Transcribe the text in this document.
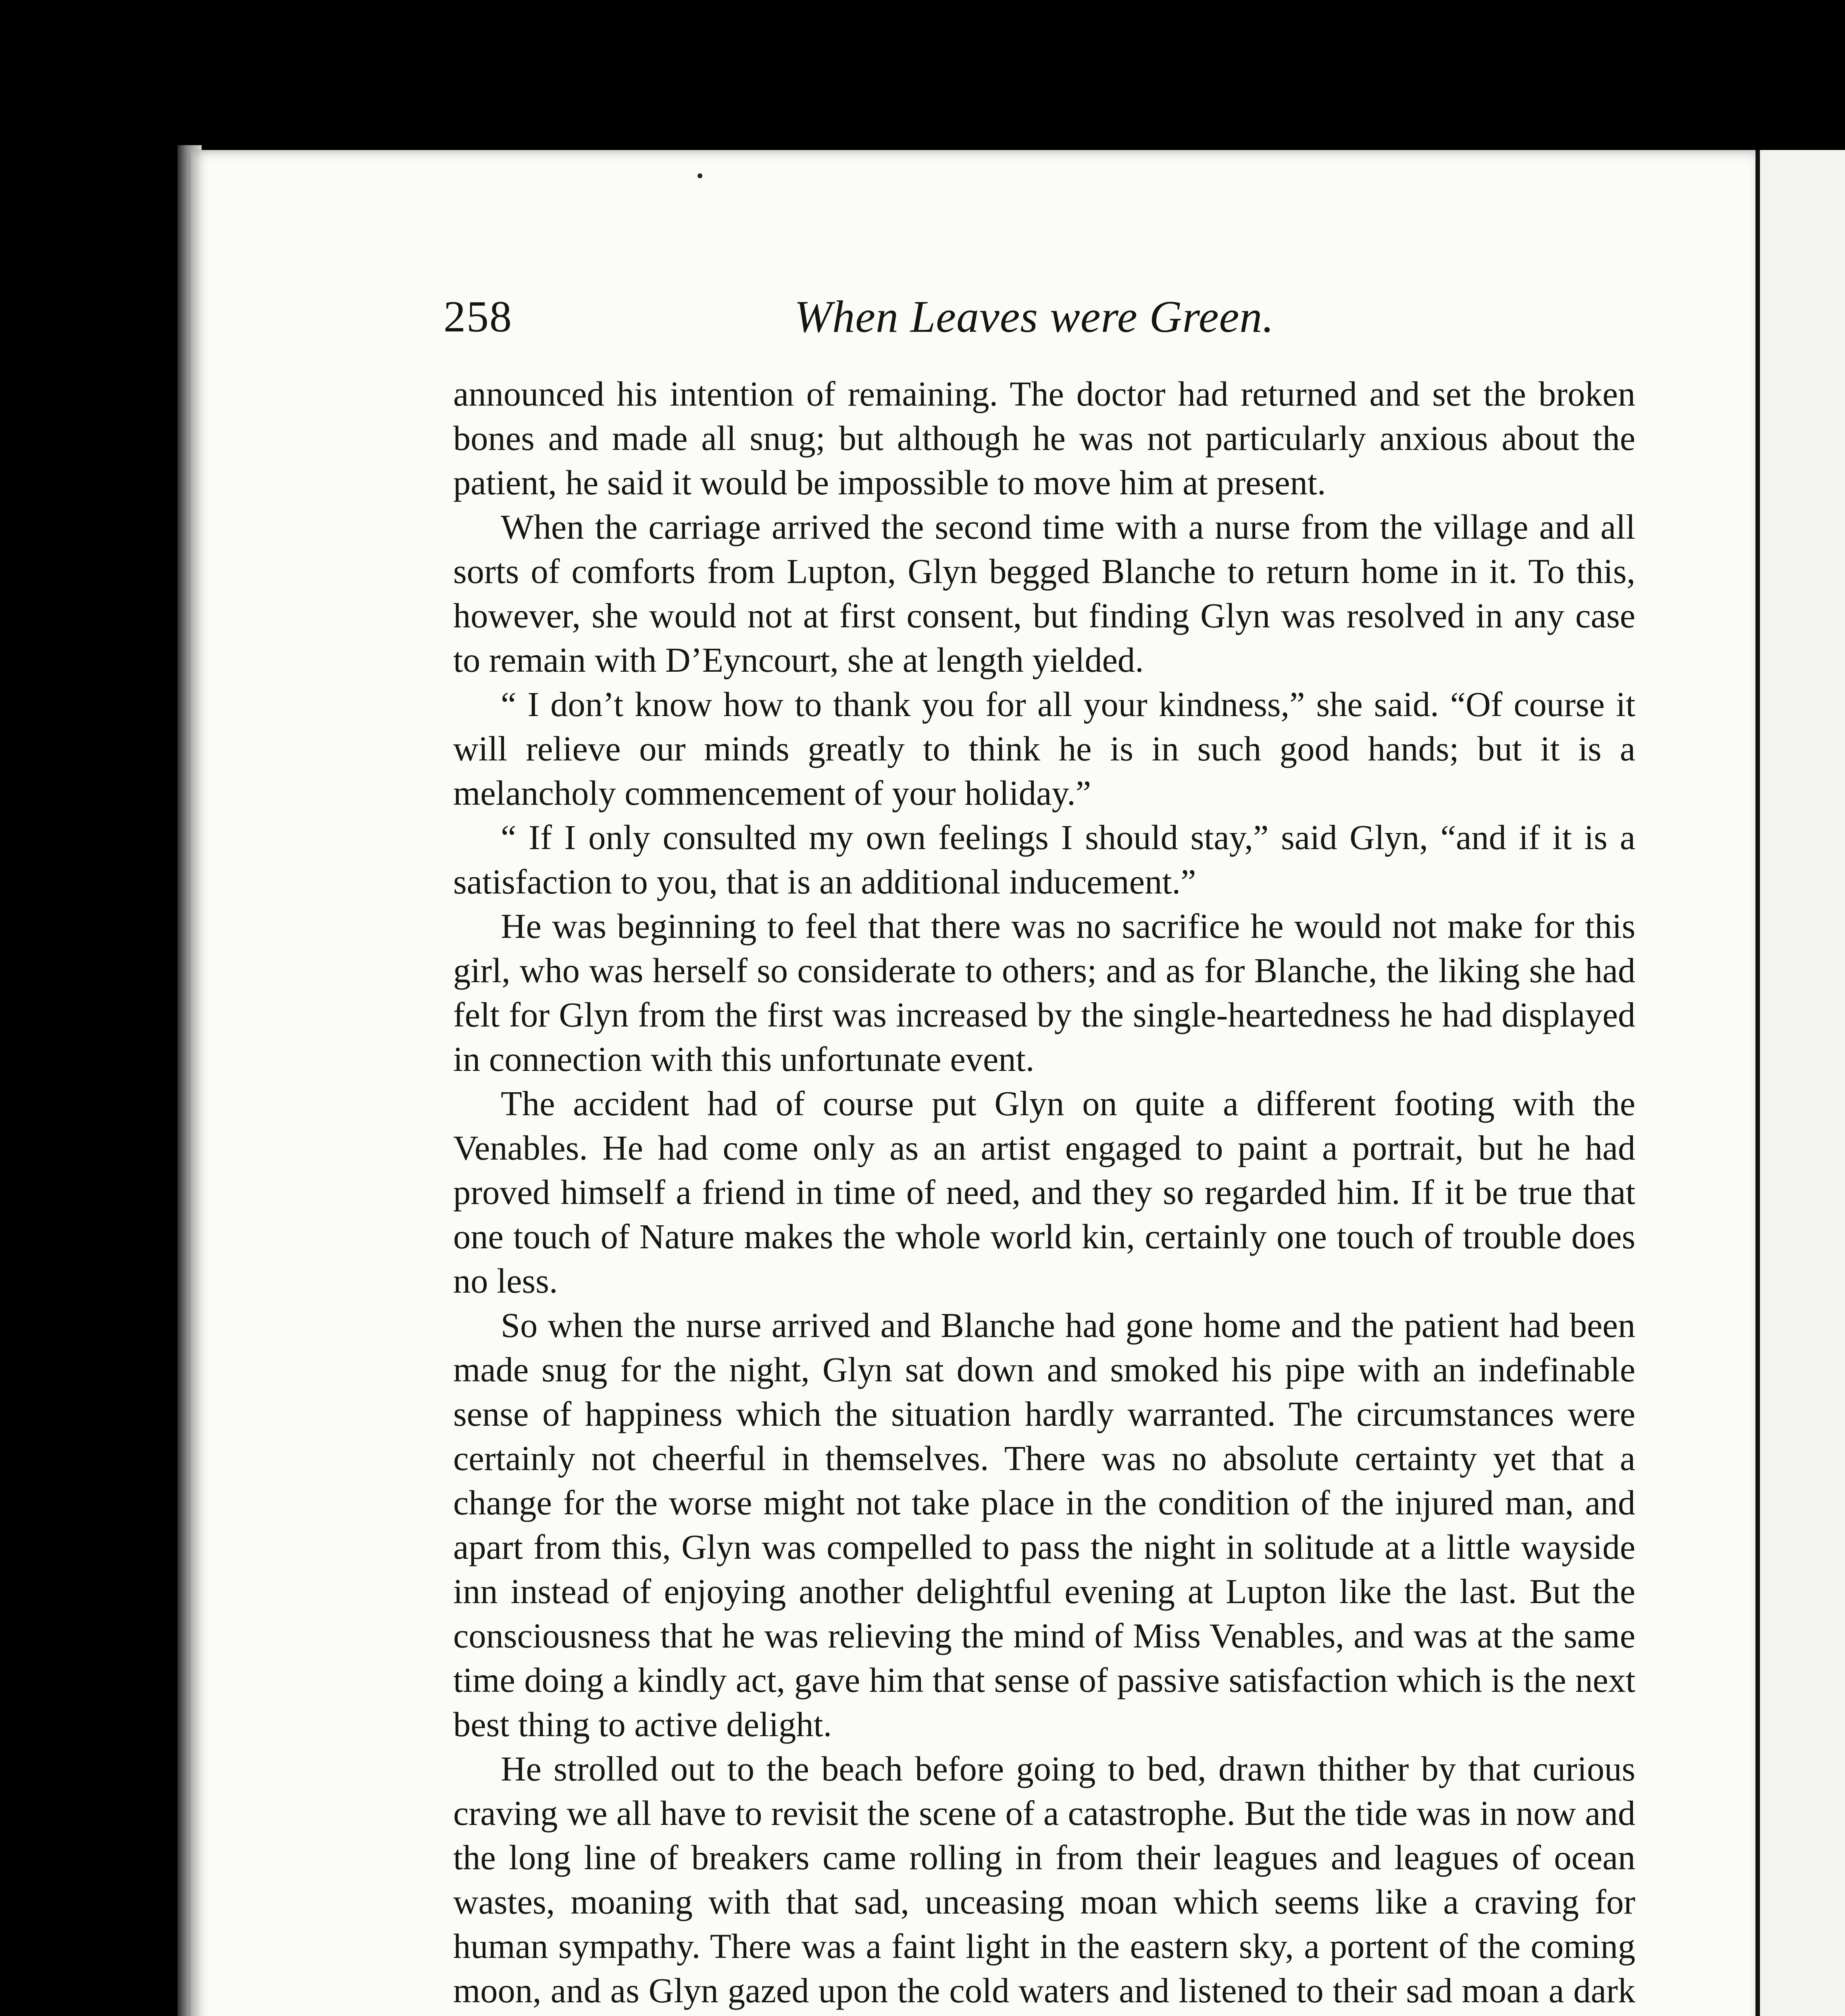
258	When Leaves were Green.

announced his intention of remaining. The doctor had returned and set the broken bones and made all snug; but although he was not particularly anxious about the patient, he said it would be impossible to move him at present.

When the carriage arrived the second time with a nurse from the village and all sorts of comforts from Lupton, Glyn begged Blanche to return home in it. To this, however, she would not at first consent, but finding Glyn was resolved in any case to remain with D’Eyncourt, she at length yielded.

“ I don’t know how to thank you for all your kindness,” she said. “Of course it will relieve our minds greatly to think he is in such good hands; but it is a melancholy commencement of your holiday.”

“ If I only consulted my own feelings I should stay,” said Glyn, “and if it is a satisfaction to you, that is an additional inducement.”

He was beginning to feel that there was no sacrifice he would not make for this girl, who was herself so considerate to others; and as for Blanche, the liking she had felt for Glyn from the first was increased by the single-heartedness he had displayed in connection with this unfortunate event.

The accident had of course put Glyn on quite a different footing with the Venables. He had come only as an artist engaged to paint a portrait, but he had proved himself a friend in time of need, and they so regarded him. If it be true that one touch of Nature makes the whole world kin, certainly one touch of trouble does no less.

So when the nurse arrived and Blanche had gone home and the patient had been made snug for the night, Glyn sat down and smoked his pipe with an indefinable sense of happiness which the situation hardly warranted. The circumstances were certainly not cheerful in themselves. There was no absolute certainty yet that a change for the worse might not take place in the condition of the injured man, and apart from this, Glyn was compelled to pass the night in solitude at a little wayside inn instead of enjoying another delightful evening at Lupton like the last. But the consciousness that he was relieving the mind of Miss Venables, and was at the same time doing a kindly act, gave him that sense of passive satisfaction which is the next best thing to active delight.

He strolled out to the beach before going to bed, drawn thither by that curious craving we all have to revisit the scene of a catastrophe. But the tide was in now and the long line of breakers came rolling in from their leagues and leagues of ocean wastes, moaning with that sad, unceasing moan which seems like a craving for human sympathy. There was a faint light in the eastern sky, a portent of the coming moon, and as Glyn gazed upon the cold waters and listened to their sad moan a dark
